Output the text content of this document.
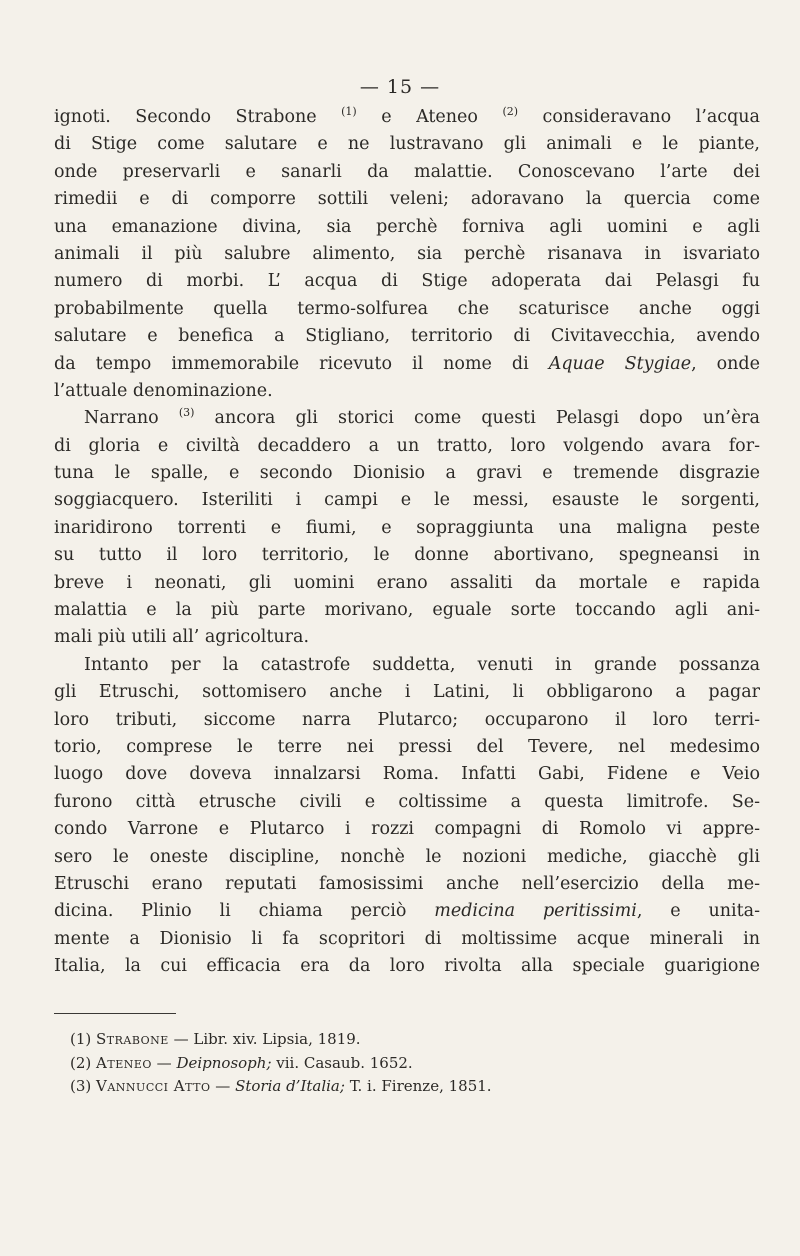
— 15 —
ignoti. Secondo Strabone $^{(1)}$ e Ateneo $^{(2)}$ consideravano l’acqua
di Stige come salutare e ne lustravano gli animali e le piante,
onde preservarli e sanarli da malattie. Conoscevano l’arte dei
rimedii e di comporre sottili veleni; adoravano la quercia come
una emanazione divina, sia perchè forniva agli uomini e agli
animali il più salubre alimento, sia perchè risanava in isvariato
numero di morbi. L’ acqua di Stige adoperata dai Pelasgi fu
probabilmente quella termo-solfurea che scaturisce anche oggi
salutare e benefica a Stigliano, territorio di Civitavecchia, avendo
da tempo immemorabile ricevuto il nome di Aquae Stygiae, onde
l’attuale denominazione.
Narrano $^{(3)}$ ancora gli storici come questi Pelasgi dopo un’èra
di gloria e civiltà decaddero a un tratto, loro volgendo avara for-
tuna le spalle, e secondo Dionisio a gravi e tremende disgrazie
soggiacquero. Isteriliti i campi e le messi, esauste le sorgenti,
inaridirono torrenti e fiumi, e sopraggiunta una maligna peste
su tutto il loro territorio, le donne abortivano, spegneansi in
breve i neonati, gli uomini erano assaliti da mortale e rapida
malattia e la più parte morivano, eguale sorte toccando agli ani-
mali più utili all’ agricoltura.
Intanto per la catastrofe suddetta, venuti in grande possanza
gli Etruschi, sottomisero anche i Latini, li obbligarono a pagar
loro tributi, siccome narra Plutarco; occuparono il loro terri-
torio, comprese le terre nei pressi del Tevere, nel medesimo
luogo dove doveva innalzarsi Roma. Infatti Gabi, Fidene e Veio
furono città etrusche civili e coltissime a questa limitrofe. Se-
condo Varrone e Plutarco i rozzi compagni di Romolo vi appre-
sero le oneste discipline, nonchè le nozioni mediche, giacchè gli
Etruschi erano reputati famosissimi anche nell’esercizio della me-
dicina. Plinio li chiama perciò medicina peritissimi, e unita-
mente a Dionisio li fa scopritori di moltissime acque minerali in
Italia, la cui efficacia era da loro rivolta alla speciale guarigione
(1) Strabone — Libr. xiv. Lipsia, 1819.
(2) Ateneo — Deipnosoph; vii. Casaub. 1652.
(3) Vannucci Atto — Storia d’Italia; T. i. Firenze, 1851.
